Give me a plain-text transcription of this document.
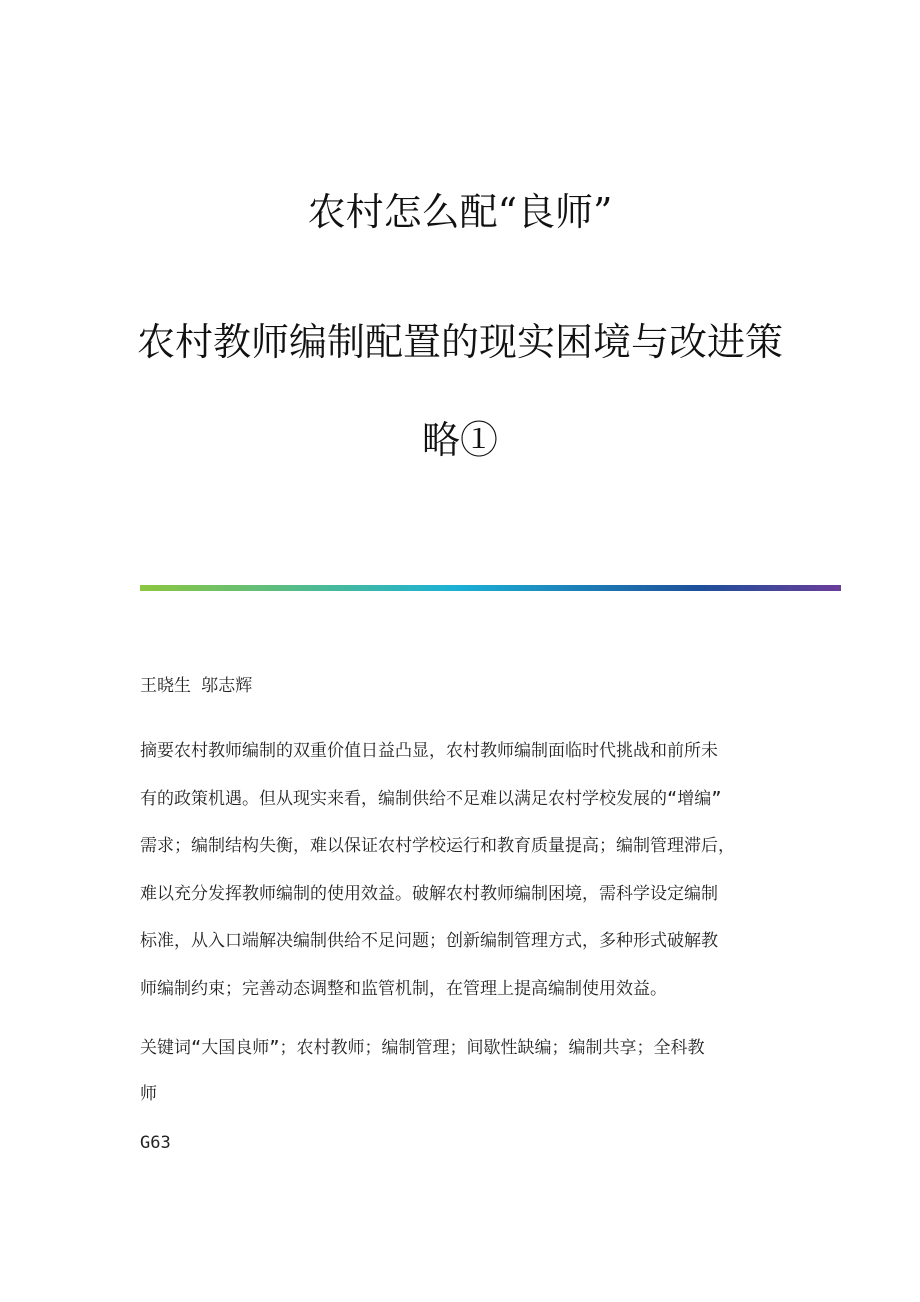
农村怎么配“良师”
农村教师编制配置的现实困境与改进策
略①
王晓生 邬志辉
摘要农村教师编制的双重价值日益凸显，农村教师编制面临时代挑战和前所未
有的政策机遇。但从现实来看，编制供给不足难以满足农村学校发展的“增编”
需求；编制结构失衡，难以保证农村学校运行和教育质量提高；编制管理滞后，
难以充分发挥教师编制的使用效益。破解农村教师编制困境，需科学设定编制
标准，从入口端解决编制供给不足问题；创新编制管理方式，多种形式破解教
师编制约束；完善动态调整和监管机制，在管理上提高编制使用效益。
关键词“大国良师”；农村教师；编制管理；间歇性缺编；编制共享；全科教
师
G63
